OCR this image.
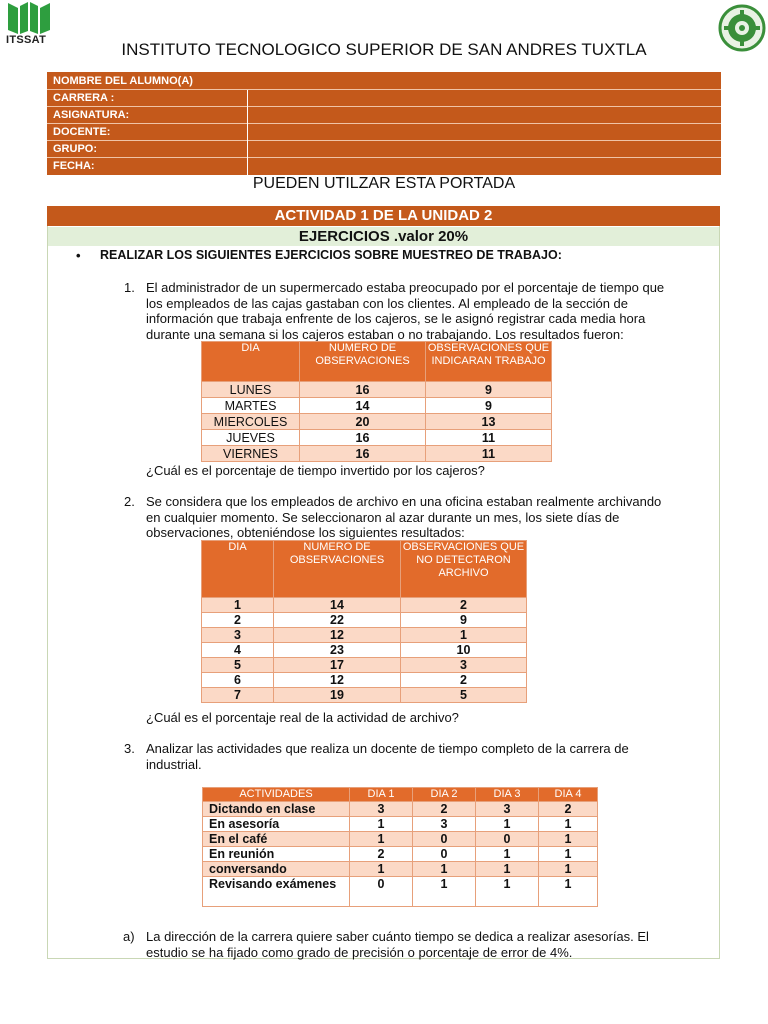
ITSSAT	INSTITUTO TECNOLOGICO SUPERIOR DE SAN ANDRES TUXTLA
NOMBRE DEL ALUMNO(A)
CARRERA :
ASIGNATURA:
DOCENTE:
GRUPO:
FECHA:
PUEDEN UTILZAR ESTA PORTADA
ACTIVIDAD 1 DE LA UNIDAD 2
EJERCICIOS .valor 20%
• REALIZAR LOS SIGUIENTES EJERCICIOS SOBRE MUESTREO DE TRABAJO:
1. El administrador de un supermercado estaba preocupado por el porcentaje de tiempo que
los empleados de las cajas gastaban con los clientes. Al empleado de la sección de
información que trabaja enfrente de los cajeros, se le asignó registrar cada media hora
durante una semana si los cajeros estaban o no trabajando. Los resultados fueron:
DIA	NUMERO DE OBSERVACIONES	OBSERVACIONES QUE INDICARAN TRABAJO
LUNES	16	9
MARTES	14	9
MIERCOLES	20	13
JUEVES	16	11
VIERNES	16	11
¿Cuál es el porcentaje de tiempo invertido por los cajeros?
2. Se considera que los empleados de archivo en una oficina estaban realmente archivando
en cualquier momento. Se seleccionaron al azar durante un mes, los siete días de
observaciones, obteniéndose los siguientes resultados:
DIA	NUMERO DE OBSERVACIONES	OBSERVACIONES QUE NO DETECTARON ARCHIVO
1	14	2
2	22	9
3	12	1
4	23	10
5	17	3
6	12	2
7	19	5
¿Cuál es el porcentaje real de la actividad de archivo?
3. Analizar las actividades que realiza un docente de tiempo completo de la carrera de
industrial.
ACTIVIDADES	DIA 1	DIA 2	DIA 3	DIA 4
Dictando en clase	3	2	3	2
En asesoría	1	3	1	1
En el café	1	0	0	1
En reunión	2	0	1	1
conversando	1	1	1	1
Revisando exámenes	0	1	1	1
a) La dirección de la carrera quiere saber cuánto tiempo se dedica a realizar asesorías. El
estudio se ha fijado como grado de precisión o porcentaje de error de 4%.
